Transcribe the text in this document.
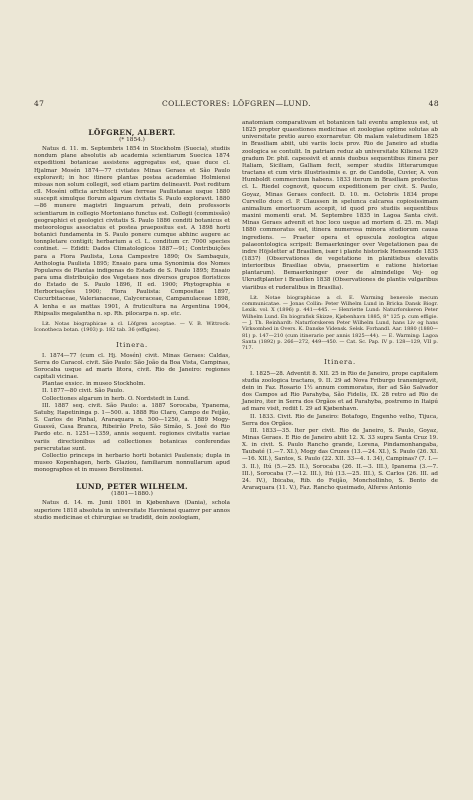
47	COLLECTORES: LÖFGREN—LUND.	48

LÖFGREN, ALBERT.

(* 1854.)

Natus d. 11. m. Septembris 1854 in Stockholm (Suecia), studiis nondum plane absolutis ab academia scientiarum Suecica 1874 expeditioni botanicae assistens aggregatus est, quae duce cl. Hjalmar Mosén 1874—77 civitates Minas Geraes et São Paulo exploravit; in hoc itinere plantas postea academiae Holmiensi missas non solum collegit, sed etiam partim delineavit. Post reditum cll. Moséni officia architecti viae ferreae Paulistanae usque 1880 suscepit simulque florum algarum civitatis S. Paulo exploravit. 1880—86 munere magistri linguarum privati, dein professoris scientiarum in collegio Mortoniano functus est. Collegii (commissão) geographici et geologici civitatis S. Paulo 1886 conditi botanicus et meteorologus associatus et postea praepositus est. A 1898 horti botanici fundamenta in S. Paulo ponere cumque abhinc augere ac tonnpletare contigit; herbarium a cl. L. conditum cr. 7000 species continet. — Edidit: Dados Climatologicos 1887—91; Contribuições para a Flora Paulista, Loxa Campestre 1890; Os Sambaquis, Anthologia Paulista 1895; Ensaio para uma Synonimia dos Nomes Populares de Plantas indigenas do Estado de S. Paulo 1895; Ensaio para uma distribuição dos Vegetaes nos diversos grupos floristicos do Estado de S. Paulo 1896, II ed. 1900; Phytographia e Herborisações 1900; Flora Paulista: Compositae 1897, Cucurbitaceae, Valerianaceae, Calyceraceae, Campanulaceae 1898, A lenha e as mattas 1901, A fruticultura na Argentina 1904, Rhipsalis megalantha n. sp. Rh. pilocarpa n. sp. etc.

Lit. Notas biographicae a cl. Löfgren acceptae. — V. B. Wittrock: Iconotheca botan. (1903) p. 182 tab. 36 (effigies).

Itinera.

I. 1874—77 (cum cl. Hj. Mosén) civit. Minas Geraes: Caldas, Serra do Caracol. civit. São Paulo: São João da Boa Vista, Campinas, Sorocaba usque ad maris litora, civit. Rio de Janeiro: regiones capitali vicinae.

Plantae exsicc. in museo Stockholm.

II. 1877—80 civit. São Paulo.

Collectiones algarum in herb. O. Nordstedt in Lund.

III. 1887 seq. civit. São Paulo: a. 1887 Sorocaba, Ypanema, Satuby, Itapetininga p. 1—500. a. 1888 Rio Claro, Campo de Feijão, S. Carlos de Pinhal, Araraquara n. 500—1250, a. 1889 Mogy-Guassú, Casa Branca, Ribeirão Preto, São Simão, S. José do Rio Pardo etc. n. 1251—1359, annis sequent. regiones civitatis variae variis directionibus ad collectiones botanicas conferendas perscrutatae sunt.

Collectio princeps in herbario horti botanici Paulensis; dupla in museo Kopenhagen, herb. Glaziou, familiarum nonnullarum apud monographos et in museo Berolinensi.

LUND, PETER WILHELM.

(1801—1880.)

Natus d. 14. m. Junii 1801 in Kjøbenhavn (Dania), schola superiore 1818 absoluta in universitate Havniensi quamvr per annos studio medicinae et chirurgiae se tradidit, dein zoologiam,

anatomiam comparativam et botanicen tali eventu amplexus est, ut 1825 propter quaestiones medicinae et zoologiae optime solutas ab universitate pretio aureo exornaretur. Ob malam valetudinem 1825 in Brasiliam abiit, ubi variis locis prov. Rio de Janeiro ad studia zoologica se contulit. In patriam reduz ab universitate Kiliensi 1829 gradum Dr. phil. capessivit et annis duobus sequentibus itinera per Italiam, Siciliam, Galliam fecit, semper studiis litterarumque tractans et cum viris illustrissimis e. gr. de Candolle, Cuvier, A. von Humboldt commercium habens. 1833 iterum in Brasiliam profectus cl. L. Riedel cognovit, quocum expeditionem per civit. S. Paulo, Goyaz, Minas Geraes confecit. D. 10. m. Octobris 1834 prope Curvello duce cl. P. Claussen in spelunca calcarea copiosissimam animalium emortuorum accepit, id quod pro studiis sequentibus maxini momenti erat. M. Septembre 1835 in Lagoa Santa civit. Minas Geraes advenit et hoc loco usque ad mortem d. 25. m. Maji 1880 commoratus est, itinera numerosa minora studiorum causa ingrediens. — Praeter opera et opuscula zoologica atque palaeontologica scripsit: Bemaerkninger over Vegetationen paa de indre Höjsletter af Brasilien, især i plante historisk Henseende 1835 (1837) (Observationes de vegetatione in planitiebus elevatis interioribus Brasiliae obvia, praesertim e ratione historiae plantarum). Bemaerkninger over de almindelige Vej- og Ukrudtplanter i Brasilien 1838 (Observationes de plantis vulgaribus viariibus et ruderalibus in Brasilia).

Lit. Notae biographicae a cl. E. Warming benevole mecum communicatae. — Jonas Collin: Peter Wilhelm Lund in Bricka Dansk Biogr. Lexik. vol. X (1896) p. 441—445. — Henriette Lund: Naturforskeren Peter Wilhelm Lund. En biografisk Skizze, Kjøbenhavn 1885, 8° 125 p. cum effigie. — J. Th. Reinhardt: Naturforskeren Peter Wilhelm Lund, hans Liv og hans Virksomhed in Overs. K. Danske Vidensk. Selsk. Forhandl. Aar. 1880 (1880—81) p. 147—210 (cum itinerario per annis 1825—44). — E. Warming: Lagoa Santa (1892) p. 266—272, 449—450. — Cat. Sc. Pap. IV p. 128—129, VII p. 717.

Itinera.

I. 1825—28. Adventit 8. XII. 25 in Rio de Janeiro, prope capitalem studia zoologica tractans, 9. II. 29 ad Nova Friburgo transmigravit, dein in Faz. Rosario 1½ annum commoratus, iter ad São Salvador dos Campos ad Rio Parahyba, São Fidelis, IX. 28 retro ad Rio de Janeiro, iter in Serra dos Orgãos et ad Parahyba, postremo in Itaipú ad mare visit, rediit I. 29 ad Kjøbenhavn.

II. 1833. Civit. Rio de Janeiro: Botafogo, Engenho velho, Tijuca, Serra dos Orgãos.

III. 1833—35. Iter per civit. Rio de Janeiro, S. Paulo, Goyaz, Minas Geraes. E Rio de Janeiro abiit 12. X. 33 supra Santa Cruz 19. X. in civit. S. Paulo Rancho grande, Lorena, Pindamonhangaba, Taubaté (1.—7. XI.), Mogy das Cruzes (13.—24. XI.), S. Paulo (26. XI.—16. XII.), Santos, S. Paulo (22. XII. 33—4. I. 34), Campinas? (7. I.—3. II.), Itú (5.—25. II.), Sorocaba (26. II.—3. III.), Ipanema (3.—7. III.), Sorocaba (7.—12. III.), Itú (13.—25. III.), S. Carlos (26. III. ad 24. IV.), Ibicaba, Rib. do Feijão, Monchollinho, S. Bento de Araraquara (11. V.), Faz. Rancho queimado, Alferes Antonio
